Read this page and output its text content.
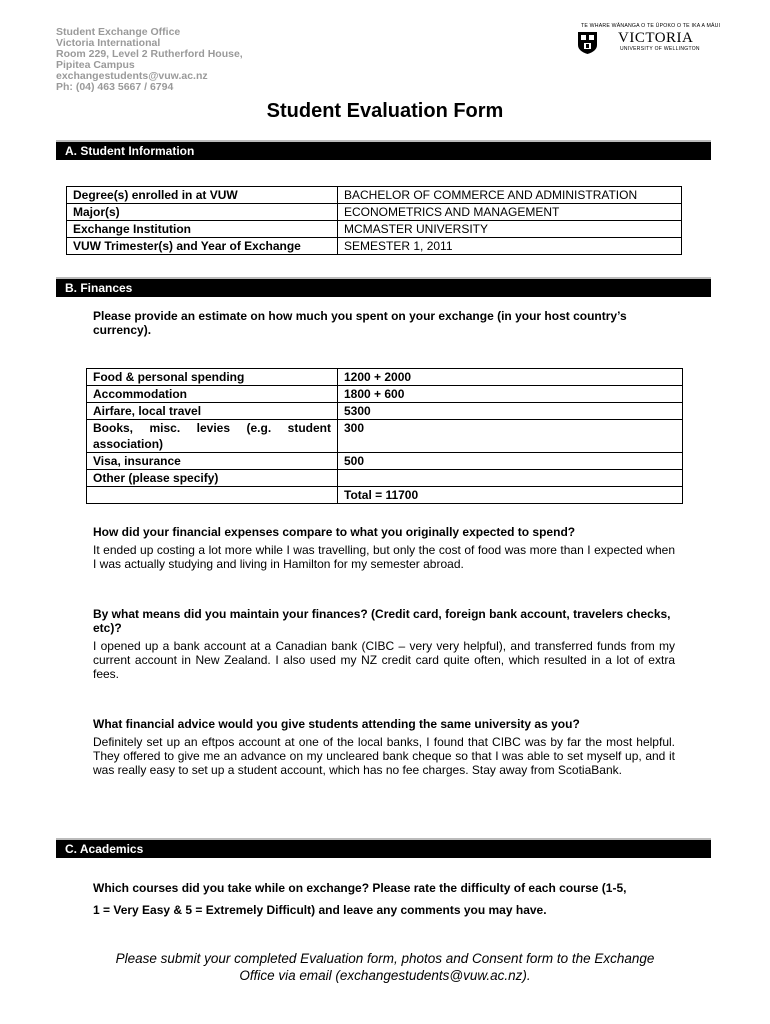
Student Exchange Office
Victoria International
Room 229, Level 2 Rutherford House,
Pipitea Campus
exchangestudents@vuw.ac.nz
Ph: (04) 463 5667 / 6794
TE WHARE WĀNANGA O TE ŪPOKO O TE IKA A MĀUI
VICTORIA
UNIVERSITY OF WELLINGTON
Student Evaluation Form
A. Student Information
Degree(s) enrolled in at VUW	BACHELOR OF COMMERCE AND ADMINISTRATION
Major(s)	ECONOMETRICS AND MANAGEMENT
Exchange Institution	MCMASTER UNIVERSITY
VUW Trimester(s) and Year of Exchange	SEMESTER 1, 2011
B. Finances
Please provide an estimate on how much you spent on your exchange (in your host country’s currency).
Food & personal spending	1200 + 2000
Accommodation	1800 + 600
Airfare, local travel	5300
Books, misc. levies (e.g. student association)	300
Visa, insurance	500
Other (please specify)	
	Total = 11700
How did your financial expenses compare to what you originally expected to spend?
It ended up costing a lot more while I was travelling, but only the cost of food was more than I expected when I was actually studying and living in Hamilton for my semester abroad.
By what means did you maintain your finances? (Credit card, foreign bank account, travelers checks, etc)?
I opened up a bank account at a Canadian bank (CIBC – very very helpful), and transferred funds from my current account in New Zealand. I also used my NZ credit card quite often, which resulted in a lot of extra fees.
What financial advice would you give students attending the same university as you?
Definitely set up an eftpos account at one of the local banks, I found that CIBC was by far the most helpful. They offered to give me an advance on my uncleared bank cheque so that I was able to set myself up, and it was really easy to set up a student account, which has no fee charges. Stay away from ScotiaBank.
C. Academics
Which courses did you take while on exchange? Please rate the difficulty of each course (1-5,
1 = Very Easy & 5 = Extremely Difficult) and leave any comments you may have.
Please submit your completed Evaluation form, photos and Consent form to the Exchange
Office via email (exchangestudents@vuw.ac.nz).
